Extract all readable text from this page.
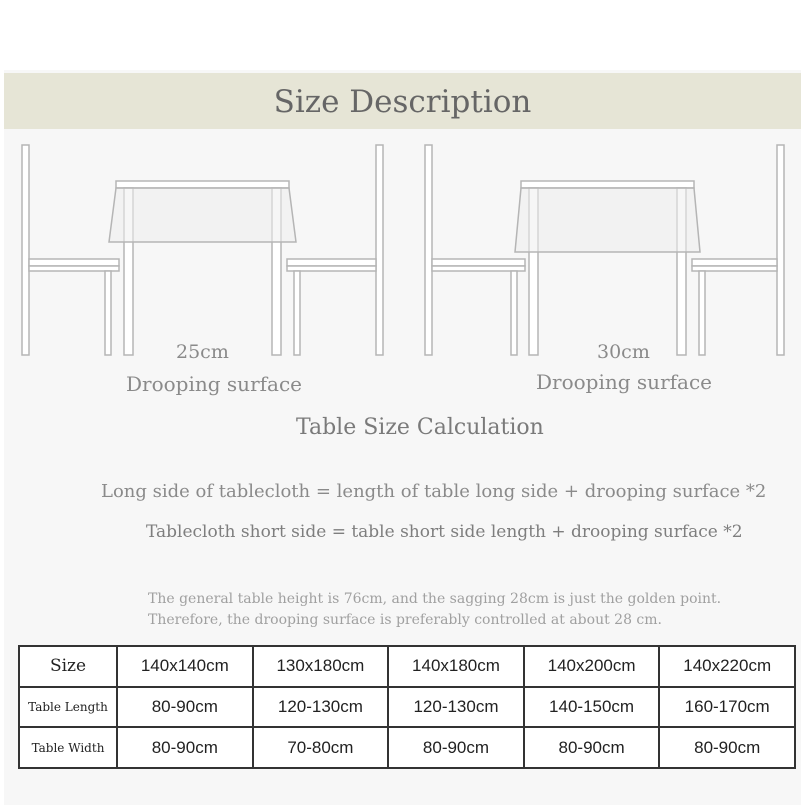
Size Description
25cm
Drooping surface
30cm
Drooping surface
Table Size Calculation
Long side of tablecloth = length of table long side + drooping surface *2
Tablecloth short side = table short side length + drooping surface *2
The general table height is 76cm, and the sagging 28cm is just the golden point.
Therefore, the drooping surface is preferably controlled at about 28 cm.
Size	140x140cm	130x180cm	140x180cm	140x200cm	140x220cm
Table Length	80-90cm	120-130cm	120-130cm	140-150cm	160-170cm
Table Width	80-90cm	70-80cm	80-90cm	80-90cm	80-90cm
